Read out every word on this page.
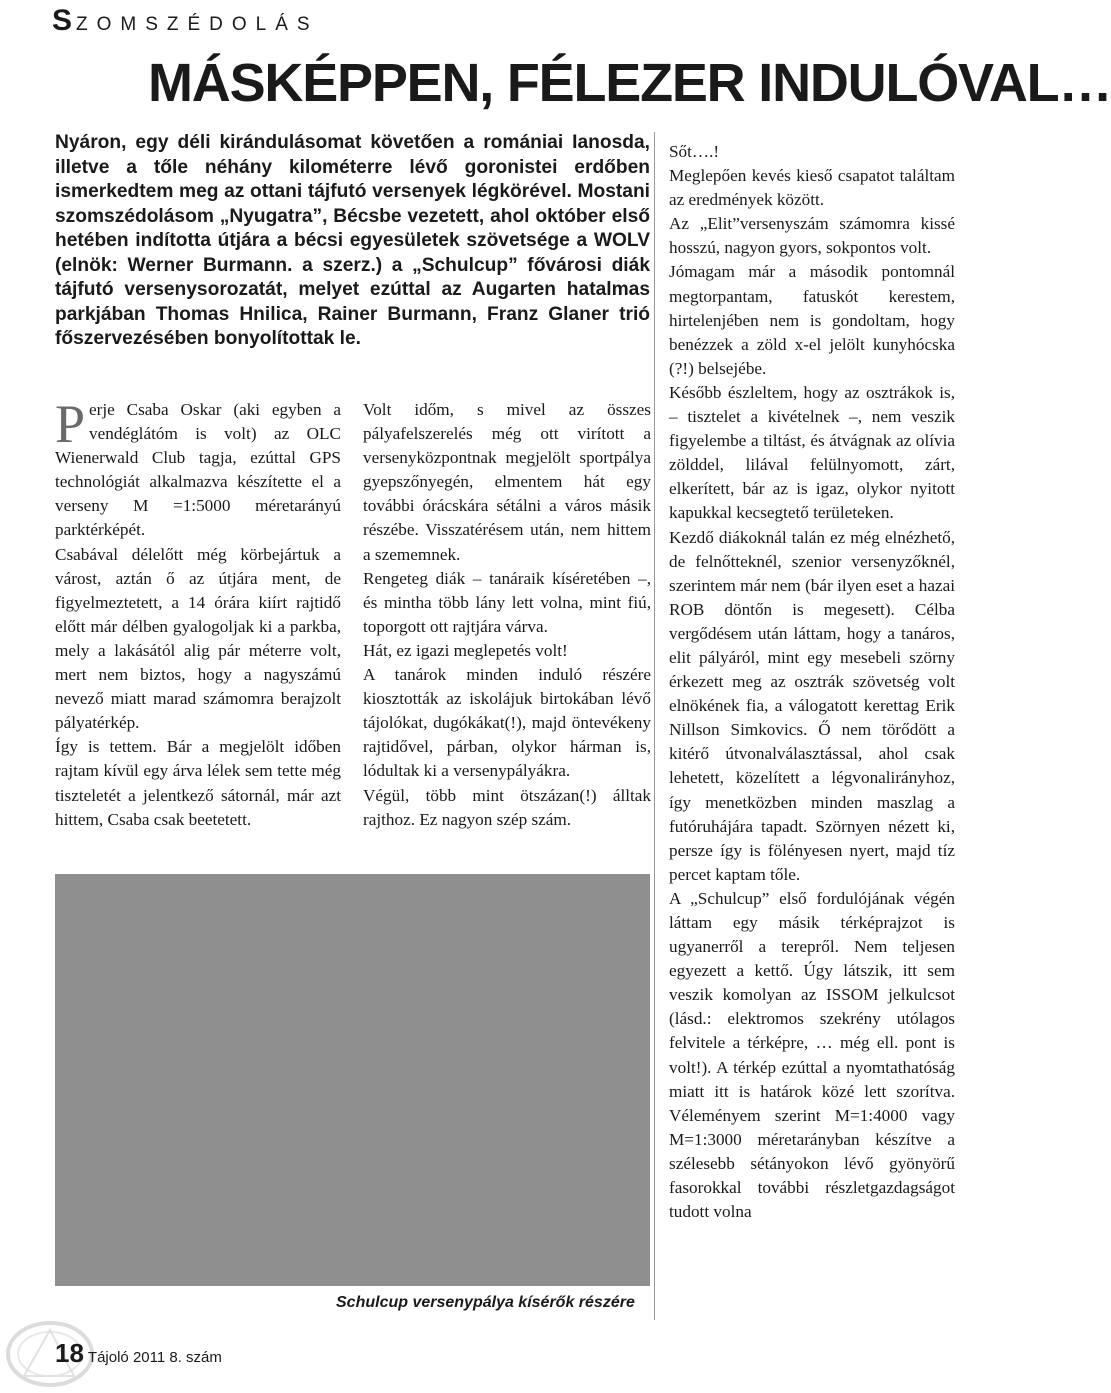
SZOMSZÉDOLÁS
MÁSKÉPPEN, FÉLEZER INDULÓVAL…
Nyáron, egy déli kirándulásomat követően a romániai Ianosda, illetve a tőle néhány kilométerre lévő goronistei erdőben ismerkedtem meg az ottani tájfutó versenyek légkörével. Mostani szomszédolásom „Nyugatra”, Bécsbe vezetett, ahol október első hetében indította útjára a bécsi egyesületek szövetsége a WOLV (elnök: Werner Burmann. a szerz.) a „Schulcup” fővárosi diák tájfutó versenysorozatát, melyet ezúttal az Augarten hatalmas parkjában Thomas Hnilica, Rainer Burmann, Franz Glaner trió főszervezésében bonyolítottak le.

Perje Csaba Oskar (aki egyben a vendéglátóm is volt) az OLC Wienerwald Club tagja, ezúttal GPS technológiát alkalmazva készítette el a verseny M =1:5000 méretarányú parktérképét.

Csabával délelőtt még körbejártuk a várost, aztán ő az útjára ment, de figyelmeztetett, a 14 órára kiírt rajtidő előtt már délben gyalogoljak ki a parkba, mely a lakásától alig pár méterre volt, mert nem biztos, hogy a nagyszámú nevező miatt marad számomra berajzolt pályatérkép.

Így is tettem. Bár a megjelölt időben rajtam kívül egy árva lélek sem tette még tiszteletét a jelentkező sátornál, már azt hittem, Csaba csak beetetett.

Volt időm, s mivel az összes pályafelszerelés még ott virított a versenyközpontnak megjelölt sportpálya gyepszőnyegén, elmentem hát egy további órácskára sétálni a város másik részébe. Visszatérésem után, nem hittem a szememnek.

Rengeteg diák – tanáraik kíséretében –, és mintha több lány lett volna, mint fiú, toporgott ott rajtjára várva.

Hát, ez igazi meglepetés volt!

A tanárok minden induló részére kiosztották az iskolájuk birtokában lévő tájolókat, dugókákat(!), majd öntevékeny rajtidővel, párban, olykor hárman is, lódultak ki a versenypályákra.

Végül, több mint ötszázan(!) álltak rajthoz. Ez nagyon szép szám.

Sőt….!

Meglepően kevés kieső csapatot találtam az eredmények között.

Az „Elit”versenyszám számomra kissé hosszú, nagyon gyors, sokpontos volt.

Jómagam már a második pontomnál megtorpantam, fatuskót kerestem, hirtelenjében nem is gondoltam, hogy benézzek a zöld x-el jelölt kunyhócska (?!) belsejébe.

Később észleltem, hogy az osztrákok is, – tisztelet a kivételnek –, nem veszik figyelembe a tiltást, és átvágnak az olívia zölddel, lilával felülnyomott, zárt, elkerített, bár az is igaz, olykor nyitott kapukkal kecsegtető területeken.

Kezdő diákoknál talán ez még elnézhető, de felnőtteknél, szenior versenyzőknél, szerintem már nem (bár ilyen eset a hazai ROB döntőn is megesett). Célba vergődésem után láttam, hogy a tanáros, elit pályáról, mint egy mesebeli szörny érkezett meg az osztrák szövetség volt elnökének fia, a válogatott kerettag Erik Nillson Simkovics. Ő nem törődött a kitérő útvonalválasztással, ahol csak lehetett, közelített a légvonalirányhoz, így menetközben minden maszlag a futóruhájára tapadt. Szörnyen nézett ki, persze így is fölényesen nyert, majd tíz percet kaptam tőle.

A „Schulcup” első fordulójának végén láttam egy másik térképrajzot is ugyanerről a terepről. Nem teljesen egyezett a kettő. Úgy látszik, itt sem veszik komolyan az ISSOM jelkulcsot (lásd.: elektromos szekrény utólagos felvitele a térképre, … még ell. pont is volt!). A térkép ezúttal a nyomtathatóság miatt itt is határok közé lett szorítva. Véleményem szerint M=1:4000 vagy M=1:3000 méretarányban készítve a szélesebb sétányokon lévő gyönyörű fasorokkal további részletgazdagságot tudott volna

Schulcup versenypálya kísérők részére
18 Tájoló 2011 8. szám
